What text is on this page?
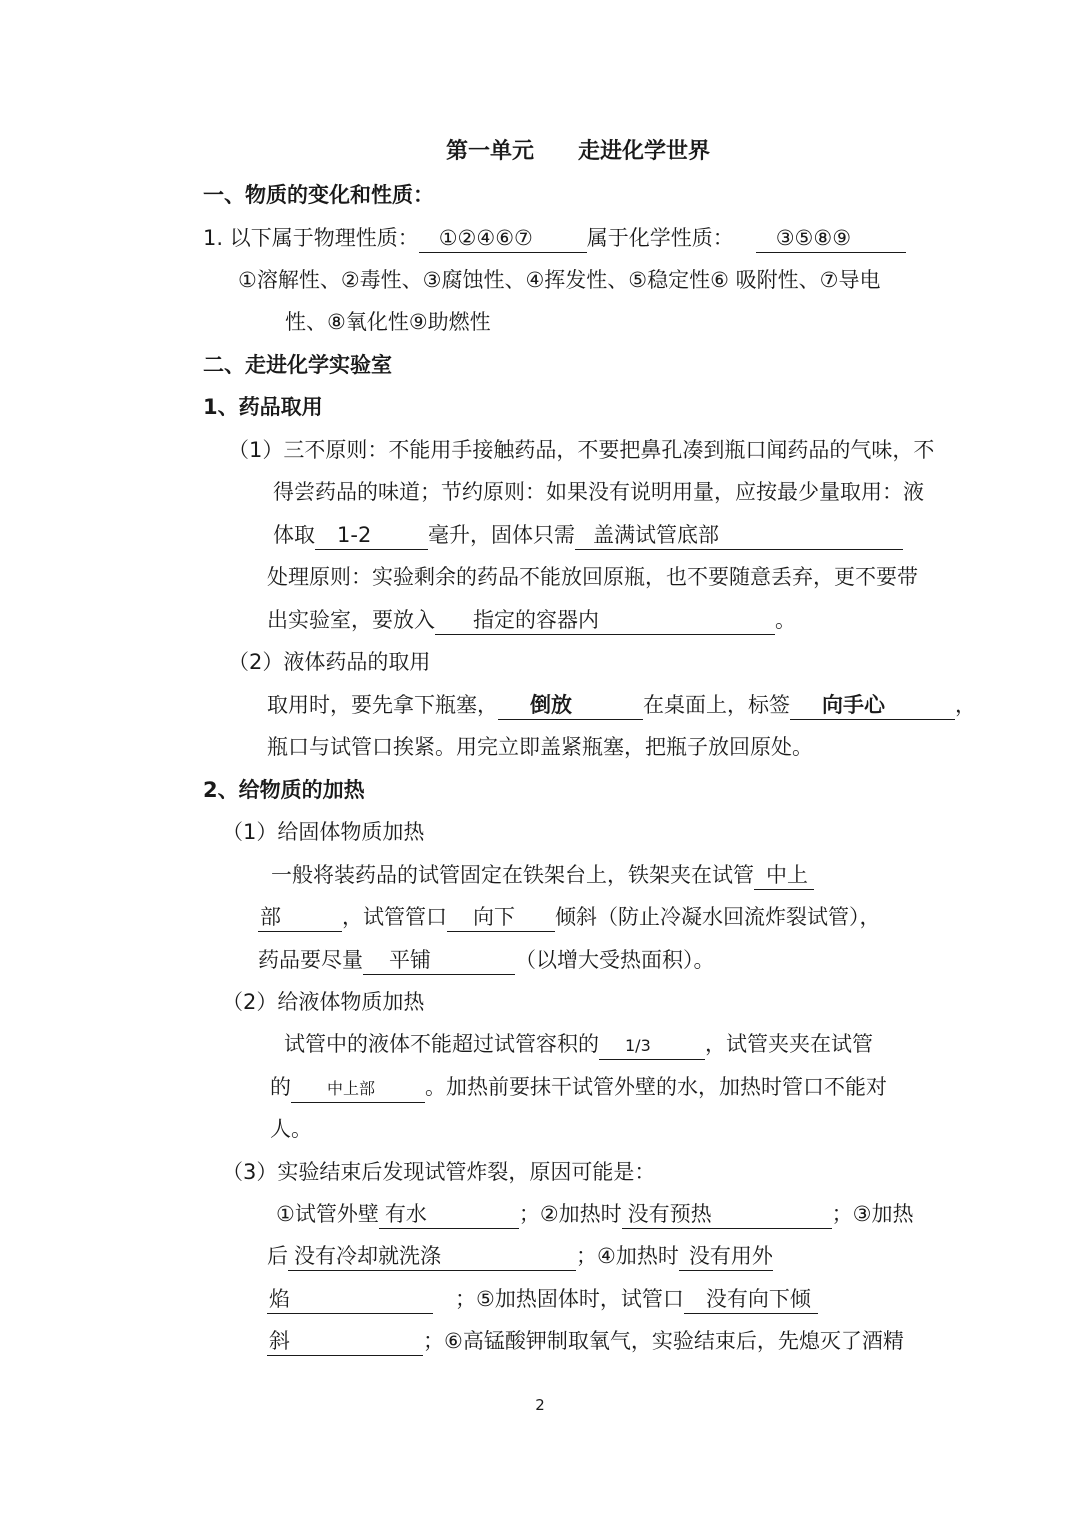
第一单元　　走进化学世界
一、物质的变化和性质：
1. 以下属于物理性质： ①②④⑥⑦	属于化学性质： ③⑤⑧⑨
①溶解性、②毒性、③腐蚀性、④挥发性、⑤稳定性⑥ 吸附性、⑦导电
性、⑧氧化性⑨助燃性
二、走进化学实验室
1、药品取用
（1）三不原则：不能用手接触药品，不要把鼻孔凑到瓶口闻药品的气味，不
得尝药品的味道；节约原则：如果没有说明用量，应按最少量取用：液
体取 1-2	毫升，固体只需 盖满试管底部
处理原则：实验剩余的药品不能放回原瓶，也不要随意丢弃，更不要带
出实验室，要放入 指定的容器内	。
（2）液体药品的取用
取用时，要先拿下瓶塞， 倒放	在桌面上，标签 向手心	，
瓶口与试管口挨紧。用完立即盖紧瓶塞，把瓶子放回原处。
2、给物质的加热
（1）给固体物质加热
一般将装药品的试管固定在铁架台上，铁架夹在试管 中上
部	，试管管口 向下 倾斜（防止冷凝水回流炸裂试管），
药品要尽量 平铺	（以增大受热面积）。
（2）给液体物质加热
试管中的液体不能超过试管容积的 1/3	，试管夹夹在试管
的 中上部 。加热前要抹干试管外壁的水，加热时管口不能对
人。
（3）实验结束后发现试管炸裂，原因可能是：
①试管外壁 有水	；②加热时 没有预热	；③加热
后 没有冷却就洗涤	；④加热时 没有用外
焰	；⑤加热固体时，试管口 没有向下倾
斜	；⑥高锰酸钾制取氧气，实验结束后，先熄灭了酒精
2
